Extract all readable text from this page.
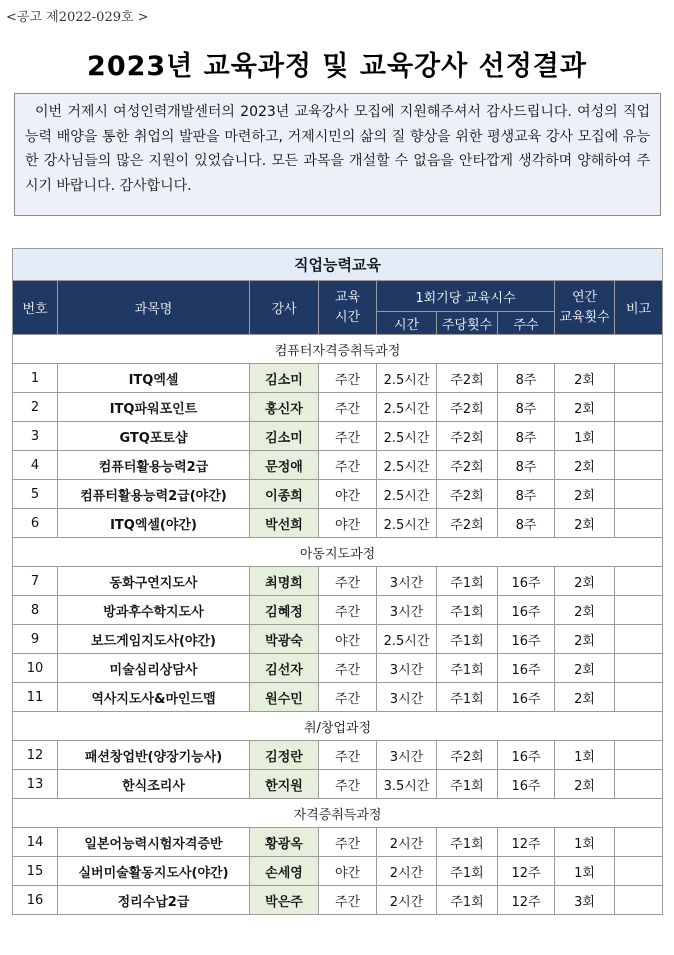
<공고 제2022-029호 >
2023년 교육과정 및 교육강사 선정결과
이번 거제시 여성인력개발센터의 2023년 교육강사 모집에 지원해주셔서 감사드립니다. 여성의 직업능력 배양을 통한 취업의 발판을 마련하고, 거제시민의 삶의 질 향상을 위한 평생교육 강사 모집에 유능한 강사님들의 많은 지원이 있었습니다. 모든 과목을 개설할 수 없음을 안타깝게 생각하며 양해하여 주시기 바랍니다. 감사합니다.
직업능력교육								
번호	과목명	강사	교육
시간	1회기당 교육시수			연간
교육횟수	비고
				시간	주당횟수	주수		
컴퓨터자격증취득과정								
1	ITQ엑셀	김소미	주간	2.5시간	주2회	8주	2회	
2	ITQ파워포인트	홍신자	주간	2.5시간	주2회	8주	2회	
3	GTQ포토샵	김소미	주간	2.5시간	주2회	8주	1회	
4	컴퓨터활용능력2급	문정애	주간	2.5시간	주2회	8주	2회	
5	컴퓨터활용능력2급(야간)	이종희	야간	2.5시간	주2회	8주	2회	
6	ITQ엑셀(야간)	박선희	야간	2.5시간	주2회	8주	2회	
아동지도과정								
7	동화구연지도사	최명희	주간	3시간	주1회	16주	2회	
8	방과후수학지도사	김혜정	주간	3시간	주1회	16주	2회	
9	보드게임지도사(야간)	박광숙	야간	2.5시간	주1회	16주	2회	
10	미술심리상담사	김선자	주간	3시간	주1회	16주	2회	
11	역사지도사&마인드맵	원수민	주간	3시간	주1회	16주	2회	
취/창업과정								
12	패션창업반(양장기능사)	김정란	주간	3시간	주2회	16주	1회	
13	한식조리사	한지원	주간	3.5시간	주1회	16주	2회	
자격증취득과정								
14	일본어능력시험자격증반	황광옥	주간	2시간	주1회	12주	1회	
15	실버미술활동지도사(야간)	손세영	야간	2시간	주1회	12주	1회	
16	정리수납2급	박은주	주간	2시간	주1회	12주	3회	
